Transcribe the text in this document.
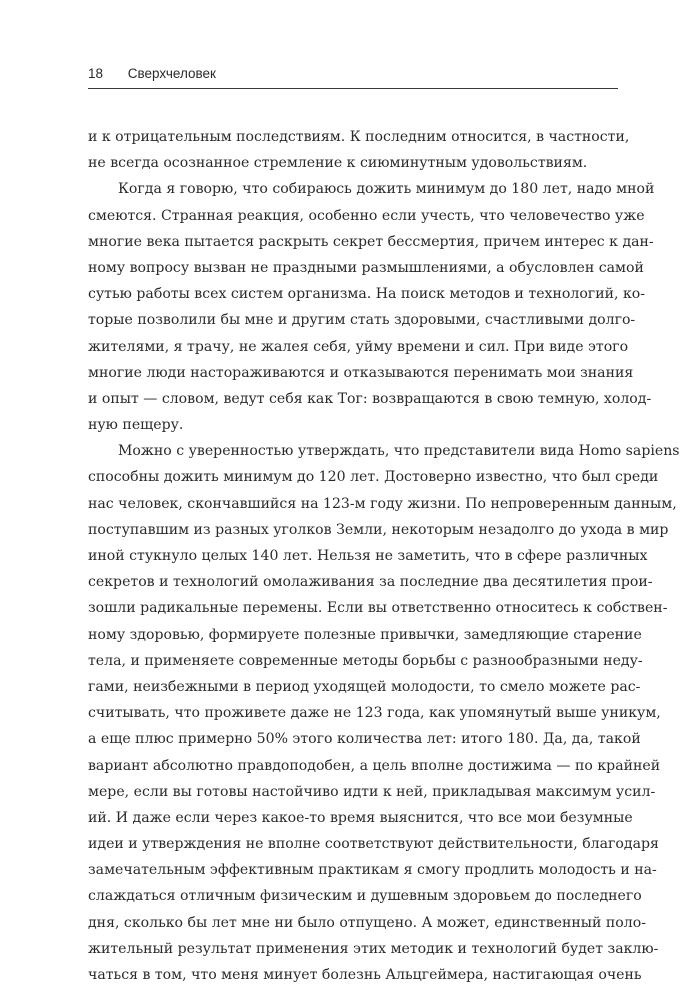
18 Сверхчеловек
и к отрицательным последствиям. К последним относится, в частности,
не всегда осознанное стремление к сиюминутным удовольствиям.
Когда я говорю, что собираюсь дожить минимум до 180 лет, надо мной
смеются. Странная реакция, особенно если учесть, что человечество уже
многие века пытается раскрыть секрет бессмертия, причем интерес к дан-
ному вопросу вызван не праздными размышлениями, а обусловлен самой
сутью работы всех систем организма. На поиск методов и технологий, ко-
торые позволили бы мне и другим стать здоровыми, счастливыми долго-
жителями, я трачу, не жалея себя, уйму времени и сил. При виде этого
многие люди настораживаются и отказываются перенимать мои знания
и опыт — словом, ведут себя как Тог: возвращаются в свою темную, холод-
ную пещеру.
Можно с уверенностью утверждать, что представители вида Homo sapiens
способны дожить минимум до 120 лет. Достоверно известно, что был среди
нас человек, скончавшийся на 123-м году жизни. По непроверенным данным,
поступавшим из разных уголков Земли, некоторым незадолго до ухода в мир
иной стукнуло целых 140 лет. Нельзя не заметить, что в сфере различных
секретов и технологий омолаживания за последние два десятилетия прои-
зошли радикальные перемены. Если вы ответственно относитесь к собствен-
ному здоровью, формируете полезные привычки, замедляющие старение
тела, и применяете современные методы борьбы с разнообразными неду-
гами, неизбежными в период уходящей молодости, то смело можете рас-
считывать, что проживете даже не 123 года, как упомянутый выше уникум,
а еще плюс примерно 50% этого количества лет: итого 180. Да, да, такой
вариант абсолютно правдоподобен, а цель вполне достижима — по крайней
мере, если вы готовы настойчиво идти к ней, прикладывая максимум усил-
ий. И даже если через какое-то время выяснится, что все мои безумные
идеи и утверждения не вполне соответствуют действительности, благодаря
замечательным эффективным практикам я смогу продлить молодость и на-
слаждаться отличным физическим и душевным здоровьем до последнего
дня, сколько бы лет мне ни было отпущено. А может, единственный поло-
жительный результат применения этих методик и технологий будет заклю-
чаться в том, что меня минует болезнь Альцгеймера, настигающая очень
